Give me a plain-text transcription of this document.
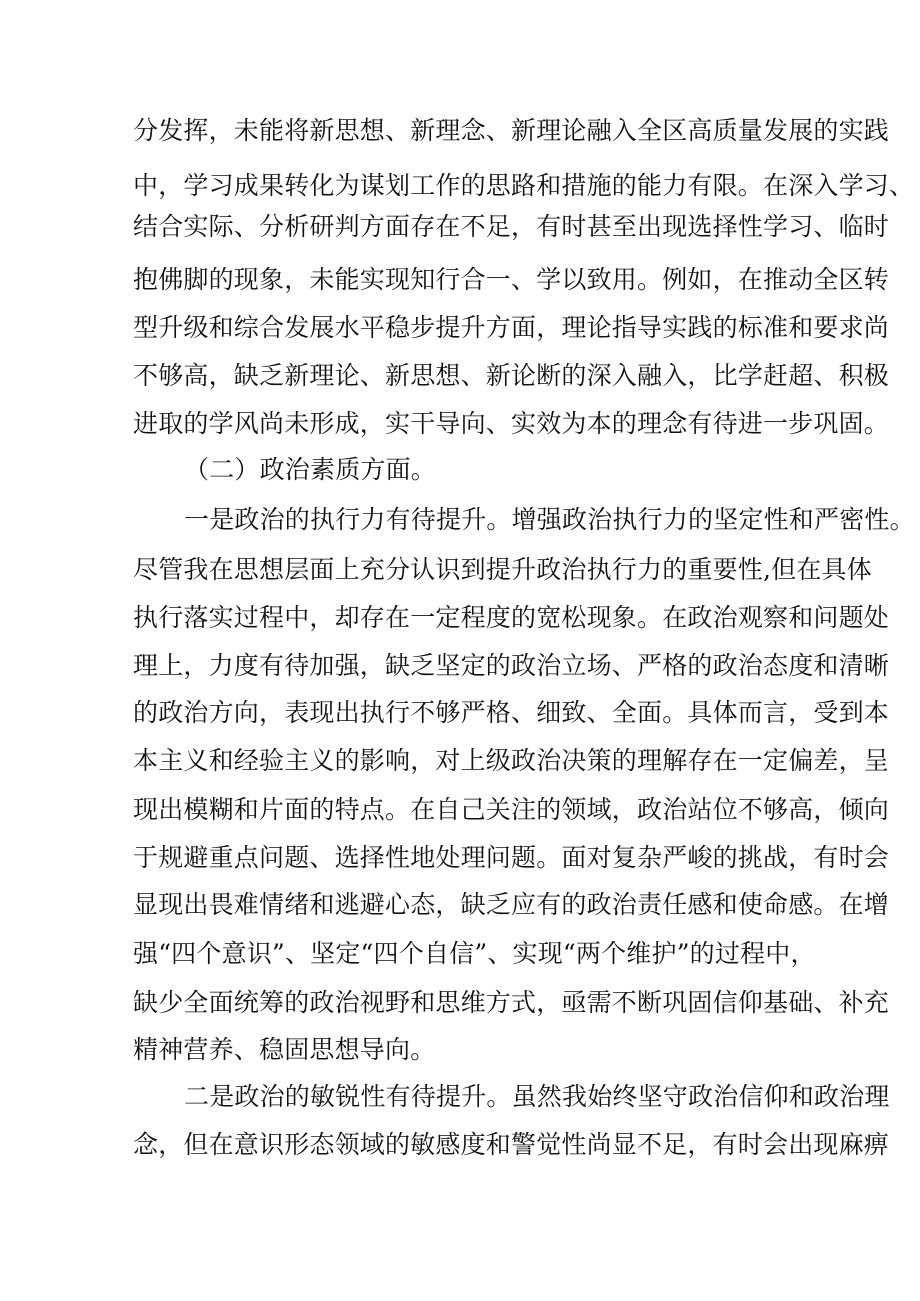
分发挥，未能将新思想、新理念、新理论融入全区高质量发展的实践
中，学习成果转化为谋划工作的思路和措施的能力有限。在深入学习、
结合实际、分析研判方面存在不足，有时甚至出现选择性学习、临时
抱佛脚的现象，未能实现知行合一、学以致用。例如，在推动全区转
型升级和综合发展水平稳步提升方面，理论指导实践的标准和要求尚
不够高，缺乏新理论、新思想、新论断的深入融入，比学赶超、积极
进取的学风尚未形成，实干导向、实效为本的理念有待进一步巩固。
（二）政治素质方面。
一是政治的执行力有待提升。增强政治执行力的坚定性和严密性。
尽管我在思想层面上充分认识到提升政治执行力的重要性,但在具体
执行落实过程中，却存在一定程度的宽松现象。在政治观察和问题处
理上，力度有待加强，缺乏坚定的政治立场、严格的政治态度和清晰
的政治方向，表现出执行不够严格、细致、全面。具体而言，受到本
本主义和经验主义的影响，对上级政治决策的理解存在一定偏差，呈
现出模糊和片面的特点。在自己关注的领域，政治站位不够高，倾向
于规避重点问题、选择性地处理问题。面对复杂严峻的挑战，有时会
显现出畏难情绪和逃避心态，缺乏应有的政治责任感和使命感。在增
强“四个意识”、坚定“四个自信”、实现“两个维护”的过程中，
缺少全面统筹的政治视野和思维方式，亟需不断巩固信仰基础、补充
精神营养、稳固思想导向。
二是政治的敏锐性有待提升。虽然我始终坚守政治信仰和政治理
念，但在意识形态领域的敏感度和警觉性尚显不足，有时会出现麻痹
